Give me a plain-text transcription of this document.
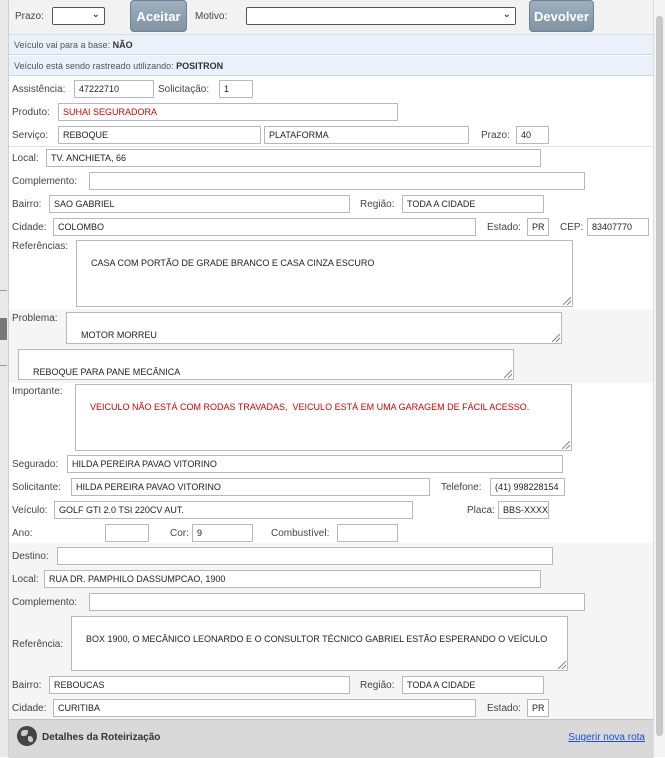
Prazo:	⌄	Aceitar	Motivo:	⌄	Devolver
Veículo vai para a base: NÃO
Veículo está sendo rastreado utilizando: POSITRON
Assistência:	47222710	Solicitação:	1
Produto:	SUHAI SEGURADORA
Serviço:	REBOQUE	PLATAFORMA	Prazo:	40
Local:	TV. ANCHIETA, 66
Complemento:
Bairro:	SAO GABRIEL	Região:	TODA A CIDADE
Cidade:	COLOMBO	Estado:	PR	CEP: 83407770
Referências:

CASA COM PORTÃO DE GRADE BRANCO E CASA CINZA ESCURO

Problema:

MOTOR MORREU

REBOQUE PARA PANE MECÂNICA

Importante:

VEICULO NÃO ESTÁ COM RODAS TRAVADAS,  VEICULO ESTÁ EM UMA GARAGEM DE FÁCIL ACESSO.

Segurado:	HILDA PEREIRA PAVAO VITORINO
Solicitante:	HILDA PEREIRA PAVAO VITORINO	Telefone:	(41) 998228154
Veículo:	GOLF GTI 2.0 TSI 220CV AUT.	Placa: BBS-XXXX
Ano:	Cor: 9	Combustível:
Destino:
Local:	RUA DR. PAMPHILO DASSUMPCAO, 1900
Complemento:
Referência:	BOX 1900, O MECÂNICO LEONARDO E O CONSULTOR TÉCNICO GABRIEL ESTÃO ESPERANDO O VEÍCULO

Bairro:	REBOUCAS	Região:	TODA A CIDADE
Cidade:	CURITIBA	Estado:	PR
Detalhes da Roteirização	Sugerir nova rota
